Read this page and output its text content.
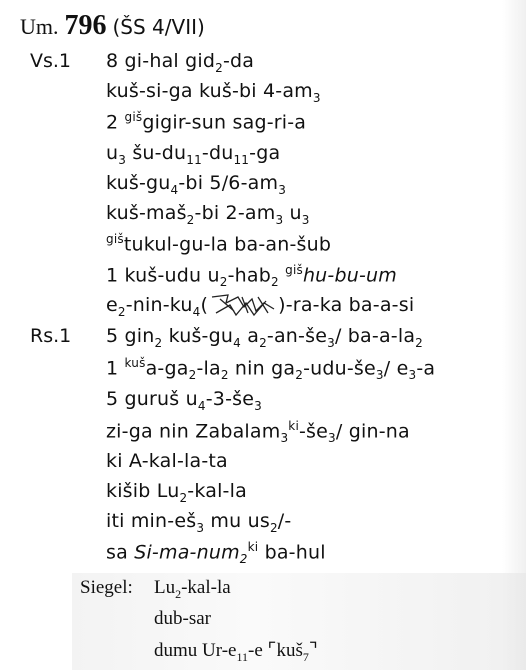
Um. 796 (ŠS 4/VII)
Vs.1 8 gi-hal gid$_2$-da
kuš-si-ga kuš-bi $4-am_3$
2 $^{giš}$gigir-sun sag-ri-a
$u_3$ $šu-du_{11}-du_{11}-ga$
kuš-$gu_4-bi$ $5/6-am_3$
kuš-maš$_2$-bi $2-am_3$ $u_3$
$^{giš}$tukul-gu-la ba-an-šub
1 kuš-udu $u_2-hab_2$ $^{giš}$hu-bu-um
$e_2-nin-ku_4$(	)-ra-ka ba-a-si
Rs.1 5 gin$_2$ kuš-$gu_4$ $a_2-an-še_3/$ $ba-a-la_2$
1 $^{kuš}a-ga_2-la_2$ nin $ga_2-udu-še_3/$ $e_3-a$
5 guruš $u_4-3-še_3$
zi-ga nin $Zabalam_3^{ki}-še_3/$ gin-na
ki A-kal-la-ta
kišib $Lu_2-kal-la$
iti $\min-eš_3$ mu $us_2/-$
sa Si-ma-num$_2^{ki}$ ba-hul
Siegel: $Lu_2-kal-la$
dub-sar
dumu $Ur-e_{11}-e$ ⌜kuš$_7$⌝
